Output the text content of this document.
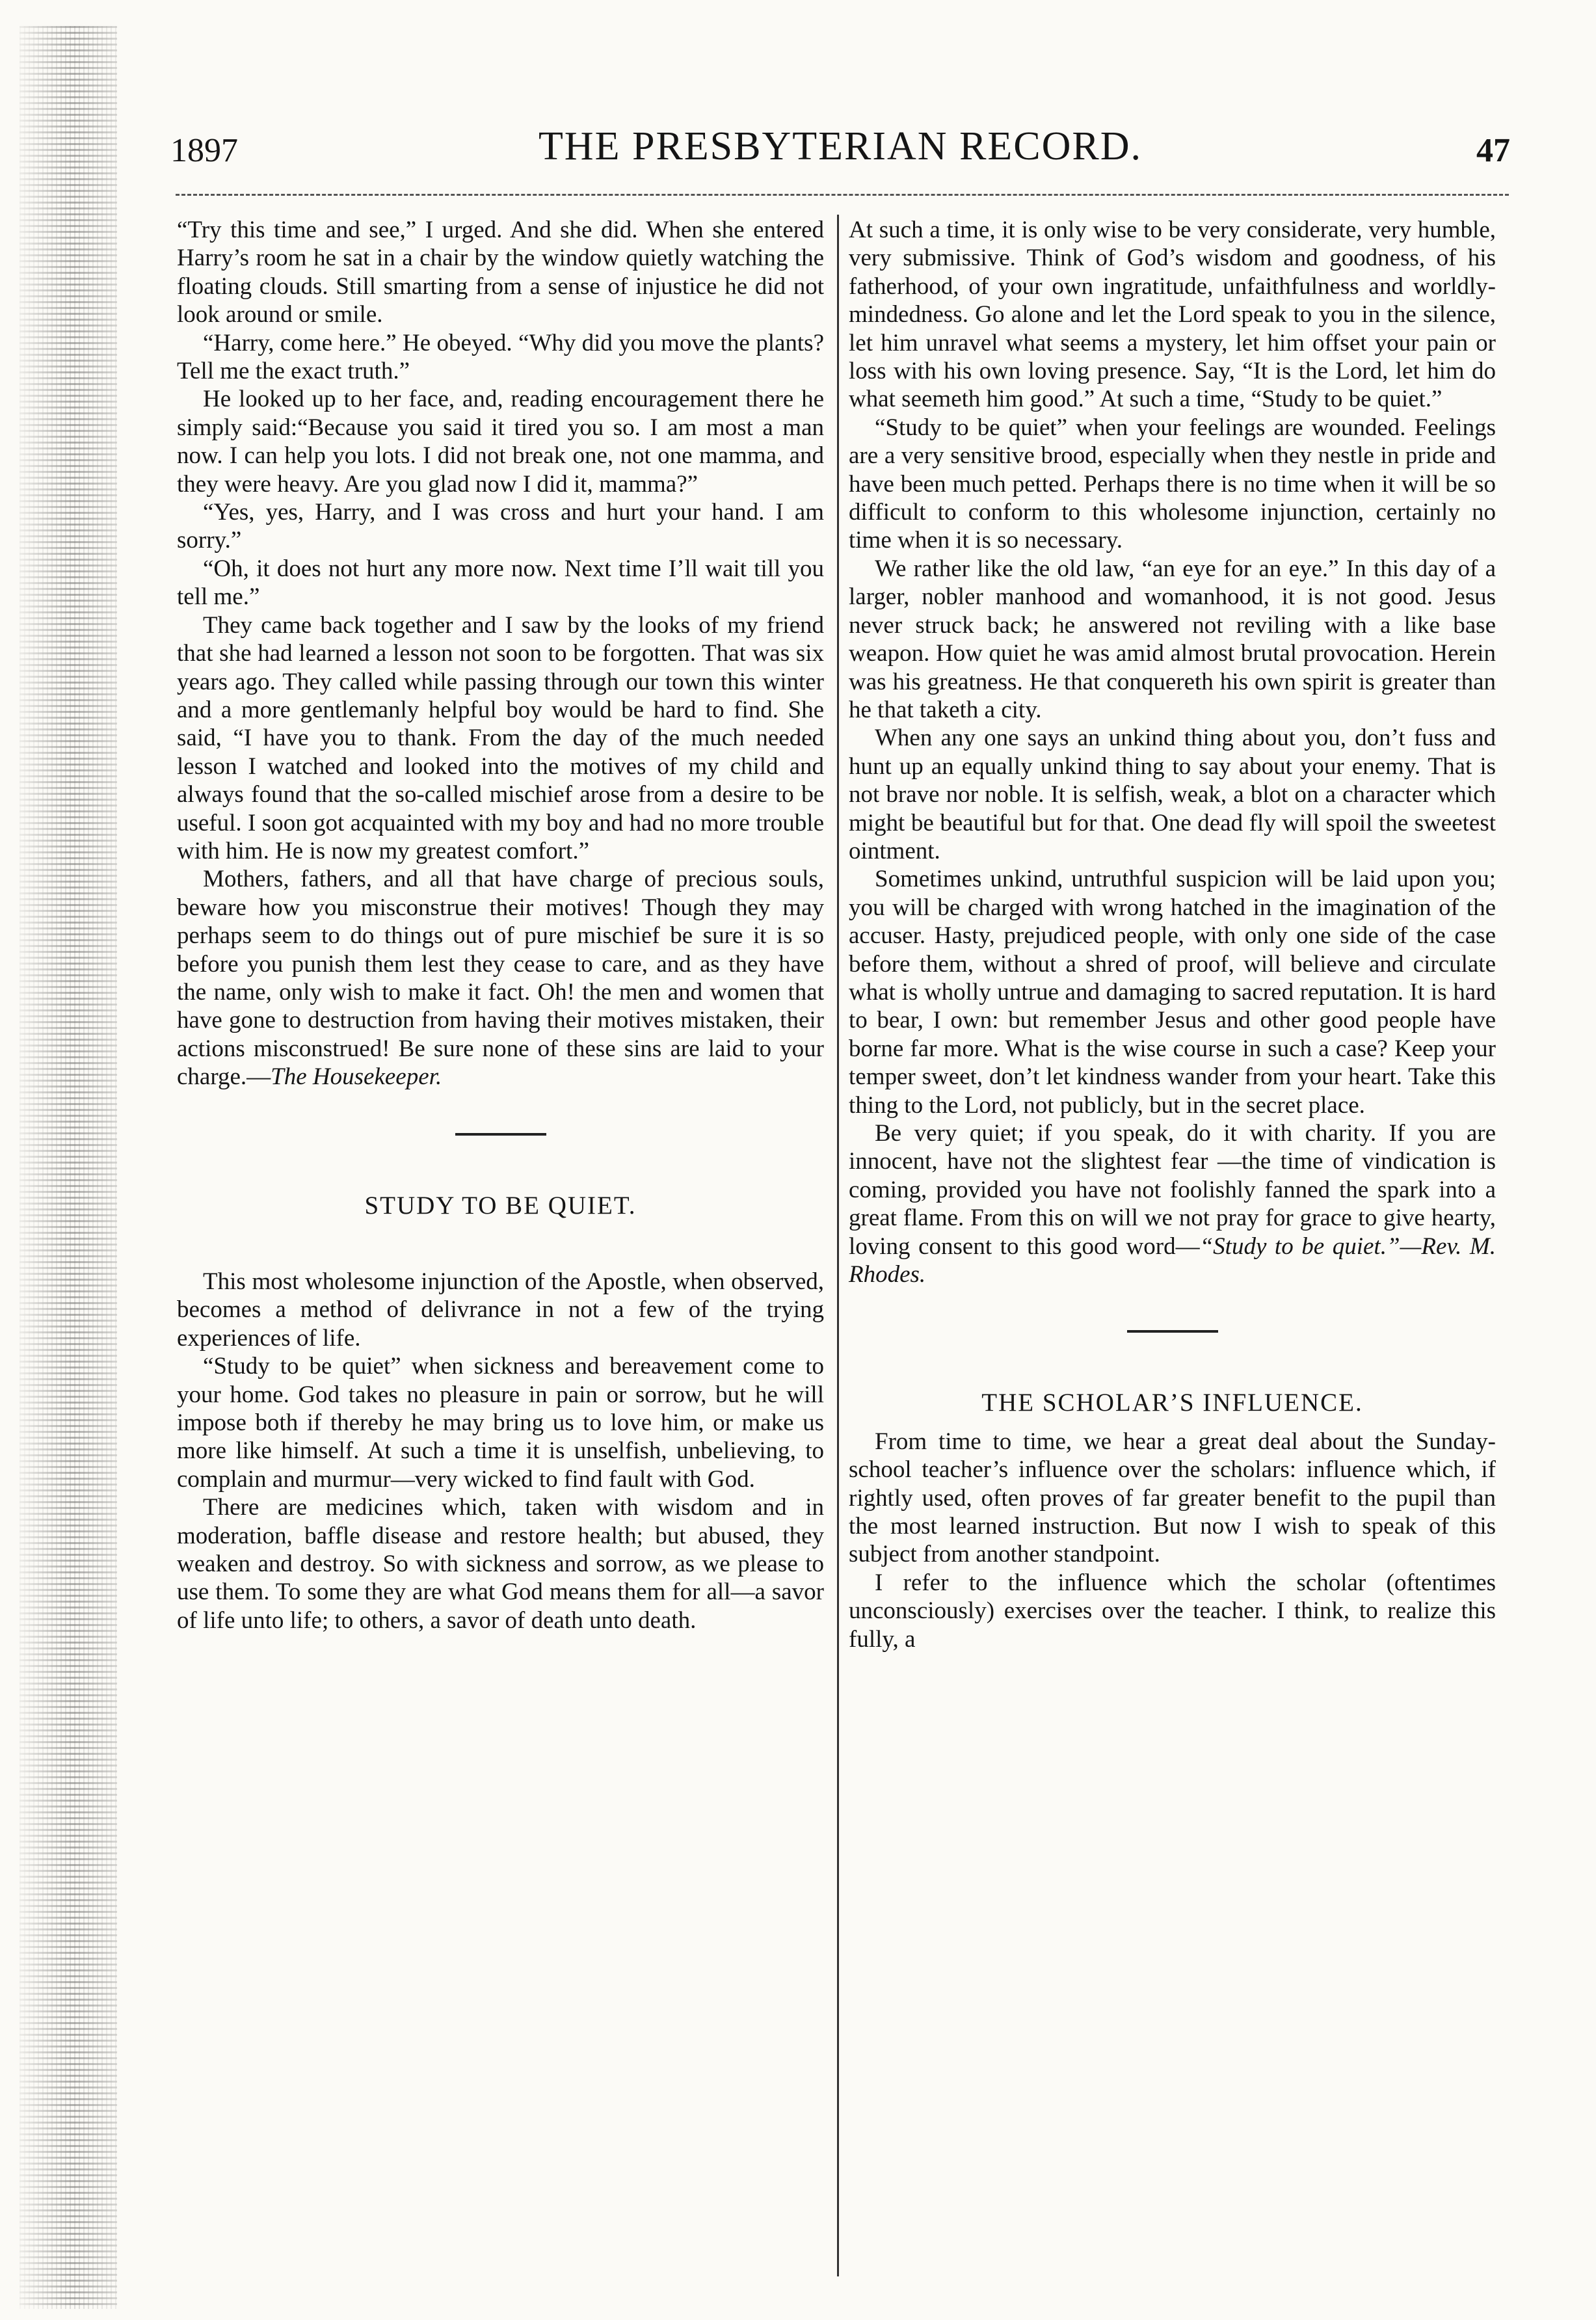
1897	THE PRESBYTERIAN RECORD.	47

“Try this time and see,” I urged. And she did. When she entered Harry’s room he sat in a chair by the window quietly watching the floating clouds. Still smarting from a sense of injustice he did not look around or smile.

“Harry, come here.” He obeyed. “Why did you move the plants? Tell me the exact truth.”

He looked up to her face, and, reading encouragement there he simply said:“Because you said it tired you so. I am most a man now. I can help you lots. I did not break one, not one mamma, and they were heavy. Are you glad now I did it, mamma?”

“Yes, yes, Harry, and I was cross and hurt your hand. I am sorry.”

“Oh, it does not hurt any more now. Next time I’ll wait till you tell me.”

They came back together and I saw by the looks of my friend that she had learned a lesson not soon to be forgotten. That was six years ago. They called while passing through our town this winter and a more gentlemanly helpful boy would be hard to find. She said, “I have you to thank. From the day of the much needed lesson I watched and looked into the motives of my child and always found that the so-called mischief arose from a desire to be useful. I soon got acquainted with my boy and had no more trouble with him. He is now my greatest comfort.”

Mothers, fathers, and all that have charge of precious souls, beware how you misconstrue their motives! Though they may perhaps seem to do things out of pure mischief be sure it is so before you punish them lest they cease to care, and as they have the name, only wish to make it fact. Oh! the men and women that have gone to destruction from having their motives mistaken, their actions misconstrued! Be sure none of these sins are laid to your charge.—The Housekeeper.

STUDY TO BE QUIET.

This most wholesome injunction of the Apostle, when observed, becomes a method of delivrance in not a few of the trying experiences of life.

“Study to be quiet” when sickness and bereavement come to your home. God takes no pleasure in pain or sorrow, but he will impose both if thereby he may bring us to love him, or make us more like himself. At such a time it is unselfish, unbelieving, to complain and murmur—very wicked to find fault with God.

There are medicines which, taken with wisdom and in moderation, baffle disease and restore health; but abused, they weaken and destroy. So with sickness and sorrow, as we please to use them. To some they are what God means them for all—a savor of life unto life; to others, a savor of death unto death.

At such a time, it is only wise to be very considerate, very humble, very submissive. Think of God’s wisdom and goodness, of his fatherhood, of your own ingratitude, unfaithfulness and worldly-mindedness. Go alone and let the Lord speak to you in the silence, let him unravel what seems a mystery, let him offset your pain or loss with his own loving presence. Say, “It is the Lord, let him do what seemeth him good.” At such a time, “Study to be quiet.”

“Study to be quiet” when your feelings are wounded. Feelings are a very sensitive brood, especially when they nestle in pride and have been much petted. Perhaps there is no time when it will be so difficult to conform to this wholesome injunction, certainly no time when it is so necessary.

We rather like the old law, “an eye for an eye.” In this day of a larger, nobler manhood and womanhood, it is not good. Jesus never struck back; he answered not reviling with a like base weapon. How quiet he was amid almost brutal provocation. Herein was his greatness. He that conquereth his own spirit is greater than he that taketh a city.

When any one says an unkind thing about you, don’t fuss and hunt up an equally unkind thing to say about your enemy. That is not brave nor noble. It is selfish, weak, a blot on a character which might be beautiful but for that. One dead fly will spoil the sweetest ointment.

Sometimes unkind, untruthful suspicion will be laid upon you; you will be charged with wrong hatched in the imagination of the accuser. Hasty, prejudiced people, with only one side of the case before them, without a shred of proof, will believe and circulate what is wholly untrue and damaging to sacred reputation. It is hard to bear, I own: but remember Jesus and other good people have borne far more. What is the wise course in such a case? Keep your temper sweet, don’t let kindness wander from your heart. Take this thing to the Lord, not publicly, but in the secret place.

Be very quiet; if you speak, do it with charity. If you are innocent, have not the slightest fear —the time of vindication is coming, provided you have not foolishly fanned the spark into a great flame. From this on will we not pray for grace to give hearty, loving consent to this good word—“Study to be quiet.”—Rev. M. Rhodes.

THE SCHOLAR’S INFLUENCE.

From time to time, we hear a great deal about the Sunday-school teacher’s influence over the scholars: influence which, if rightly used, often proves of far greater benefit to the pupil than the most learned instruction. But now I wish to speak of this subject from another standpoint.

I refer to the influence which the scholar (oftentimes unconsciously) exercises over the teacher. I think, to realize this fully, a
